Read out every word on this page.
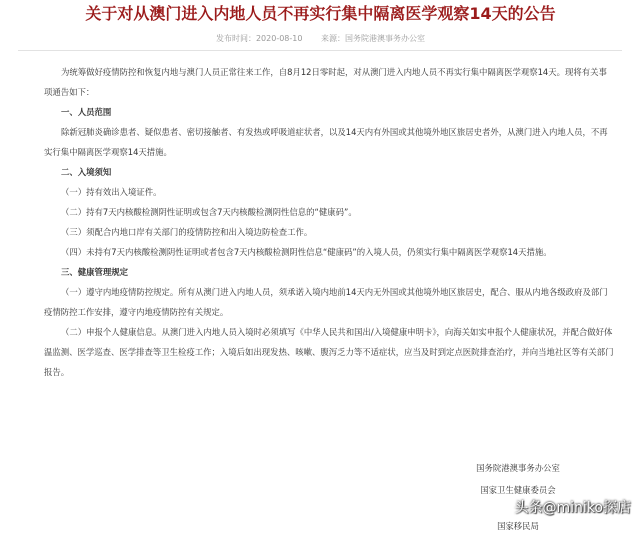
关于对从澳门进入内地人员不再实行集中隔离医学观察14天的公告
发布时间：2020-08-10 来源：国务院港澳事务办公室

为统筹做好疫情防控和恢复内地与澳门人员正常往来工作，自8月12日零时起，对从澳门进入内地人员不再实行集中隔离医学观察14天。现将有关事项通告如下：

一、人员范围

除新冠肺炎确诊患者、疑似患者、密切接触者、有发热或呼吸道症状者，以及14天内有外国或其他境外地区旅居史者外，从澳门进入内地人员，不再实行集中隔离医学观察14天措施。

二、入境须知

（一）持有效出入境证件。

（二）持有7天内核酸检测阴性证明或包含7天内核酸检测阴性信息的“健康码”。

（三）须配合内地口岸有关部门的疫情防控和出入境边防检查工作。

（四）未持有7天内核酸检测阴性证明或者包含7天内核酸检测阴性信息“健康码”的入境人员，仍须实行集中隔离医学观察14天措施。

三、健康管理规定

（一）遵守内地疫情防控规定。所有从澳门进入内地人员，须承诺入境内地前14天内无外国或其他境外地区旅居史，配合、服从内地各级政府及部门疫情防控工作安排，遵守内地疫情防控有关规定。

（二）申报个人健康信息。从澳门进入内地人员入境时必须填写《中华人民共和国出/入境健康申明卡》，向海关如实申报个人健康状况，并配合做好体温监测、医学巡查、医学排查等卫生检疫工作；入境后如出现发热、咳嗽、腹泻乏力等不适症状，应当及时到定点医院排查治疗，并向当地社区等有关部门报告。

国务院港澳事务办公室
国家卫生健康委员会
国家移民局
头条@miniko探店
